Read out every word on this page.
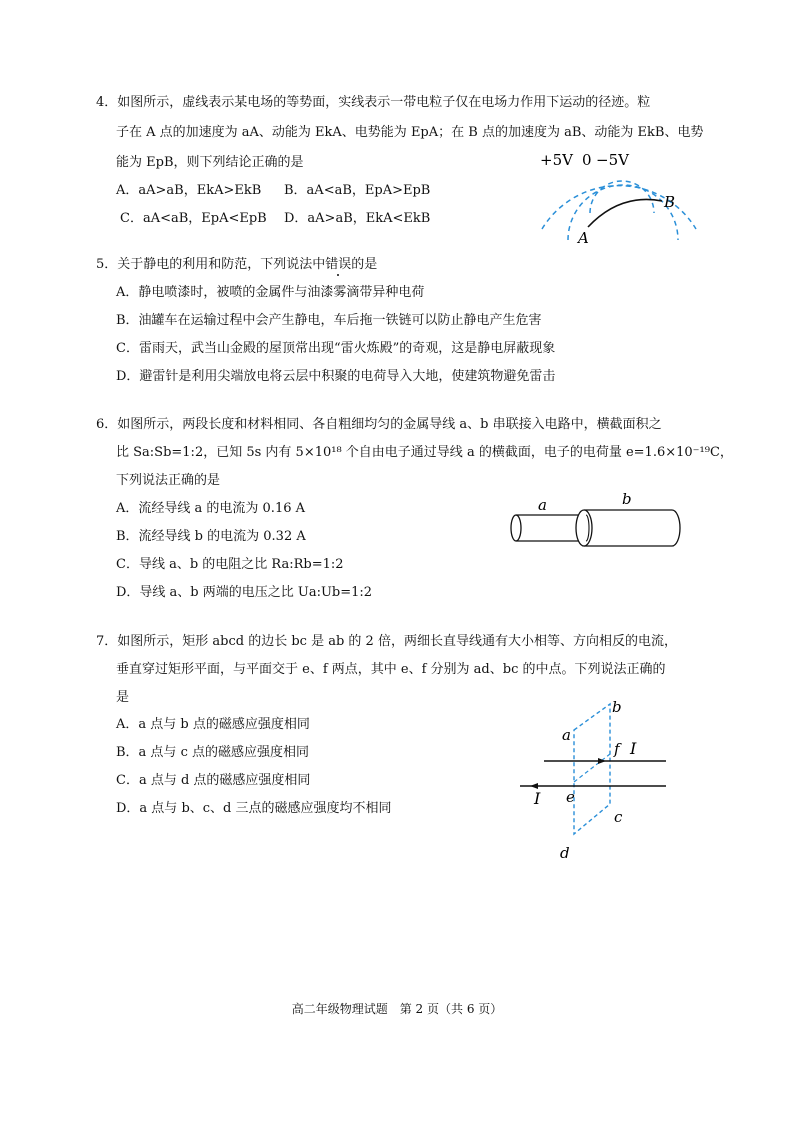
4．如图所示，虚线表示某电场的等势面，实线表示一带电粒子仅在电场力作用下运动的径迹。粒
子在 A 点的加速度为 aA、动能为 EkA、电势能为 EpA；在 B 点的加速度为 aB、动能为 EkB、电势
能为 EpB，则下列结论正确的是
A．aA>aB，EkA>EkB B．aA<aB，EpA>EpB
C．aA<aB，EpA<EpB D．aA>aB，EkA<EkB
+5V 0 −5V
A
B
5．关于静电的利用和防范，下列说法中错误的是
A．静电喷漆时，被喷的金属件与油漆雾滴带异种电荷
B．油罐车在运输过程中会产生静电，车后拖一铁链可以防止静电产生危害
C．雷雨天，武当山金殿的屋顶常出现“雷火炼殿”的奇观，这是静电屏蔽现象
D．避雷针是利用尖端放电将云层中积聚的电荷导入大地，使建筑物避免雷击
6．如图所示，两段长度和材料相同、各自粗细均匀的金属导线 a、b 串联接入电路中，横截面积之
比 Sa:Sb=1:2，已知 5s 内有 5×10¹⁸ 个自由电子通过导线 a 的横截面，电子的电荷量 e=1.6×10⁻¹⁹C，
下列说法正确的是
A．流经导线 a 的电流为 0.16 A
B．流经导线 b 的电流为 0.32 A
C．导线 a、b 的电阻之比 Ra:Rb=1:2
D．导线 a、b 两端的电压之比 Ua:Ub=1:2
a	b
7．如图所示，矩形 abcd 的边长 bc 是 ab 的 2 倍，两细长直导线通有大小相等、方向相反的电流，
垂直穿过矩形平面，与平面交于 e、f 两点，其中 e、f 分别为 ad、bc 的中点。下列说法正确的
是
A．a 点与 b 点的磁感应强度相同
B．a 点与 c 点的磁感应强度相同
C．a 点与 d 点的磁感应强度相同
D．a 点与 b、c、d 三点的磁感应强度均不相同
a
b
c
d
e
f I
I
高二年级物理试题　第 2 页（共 6 页）
